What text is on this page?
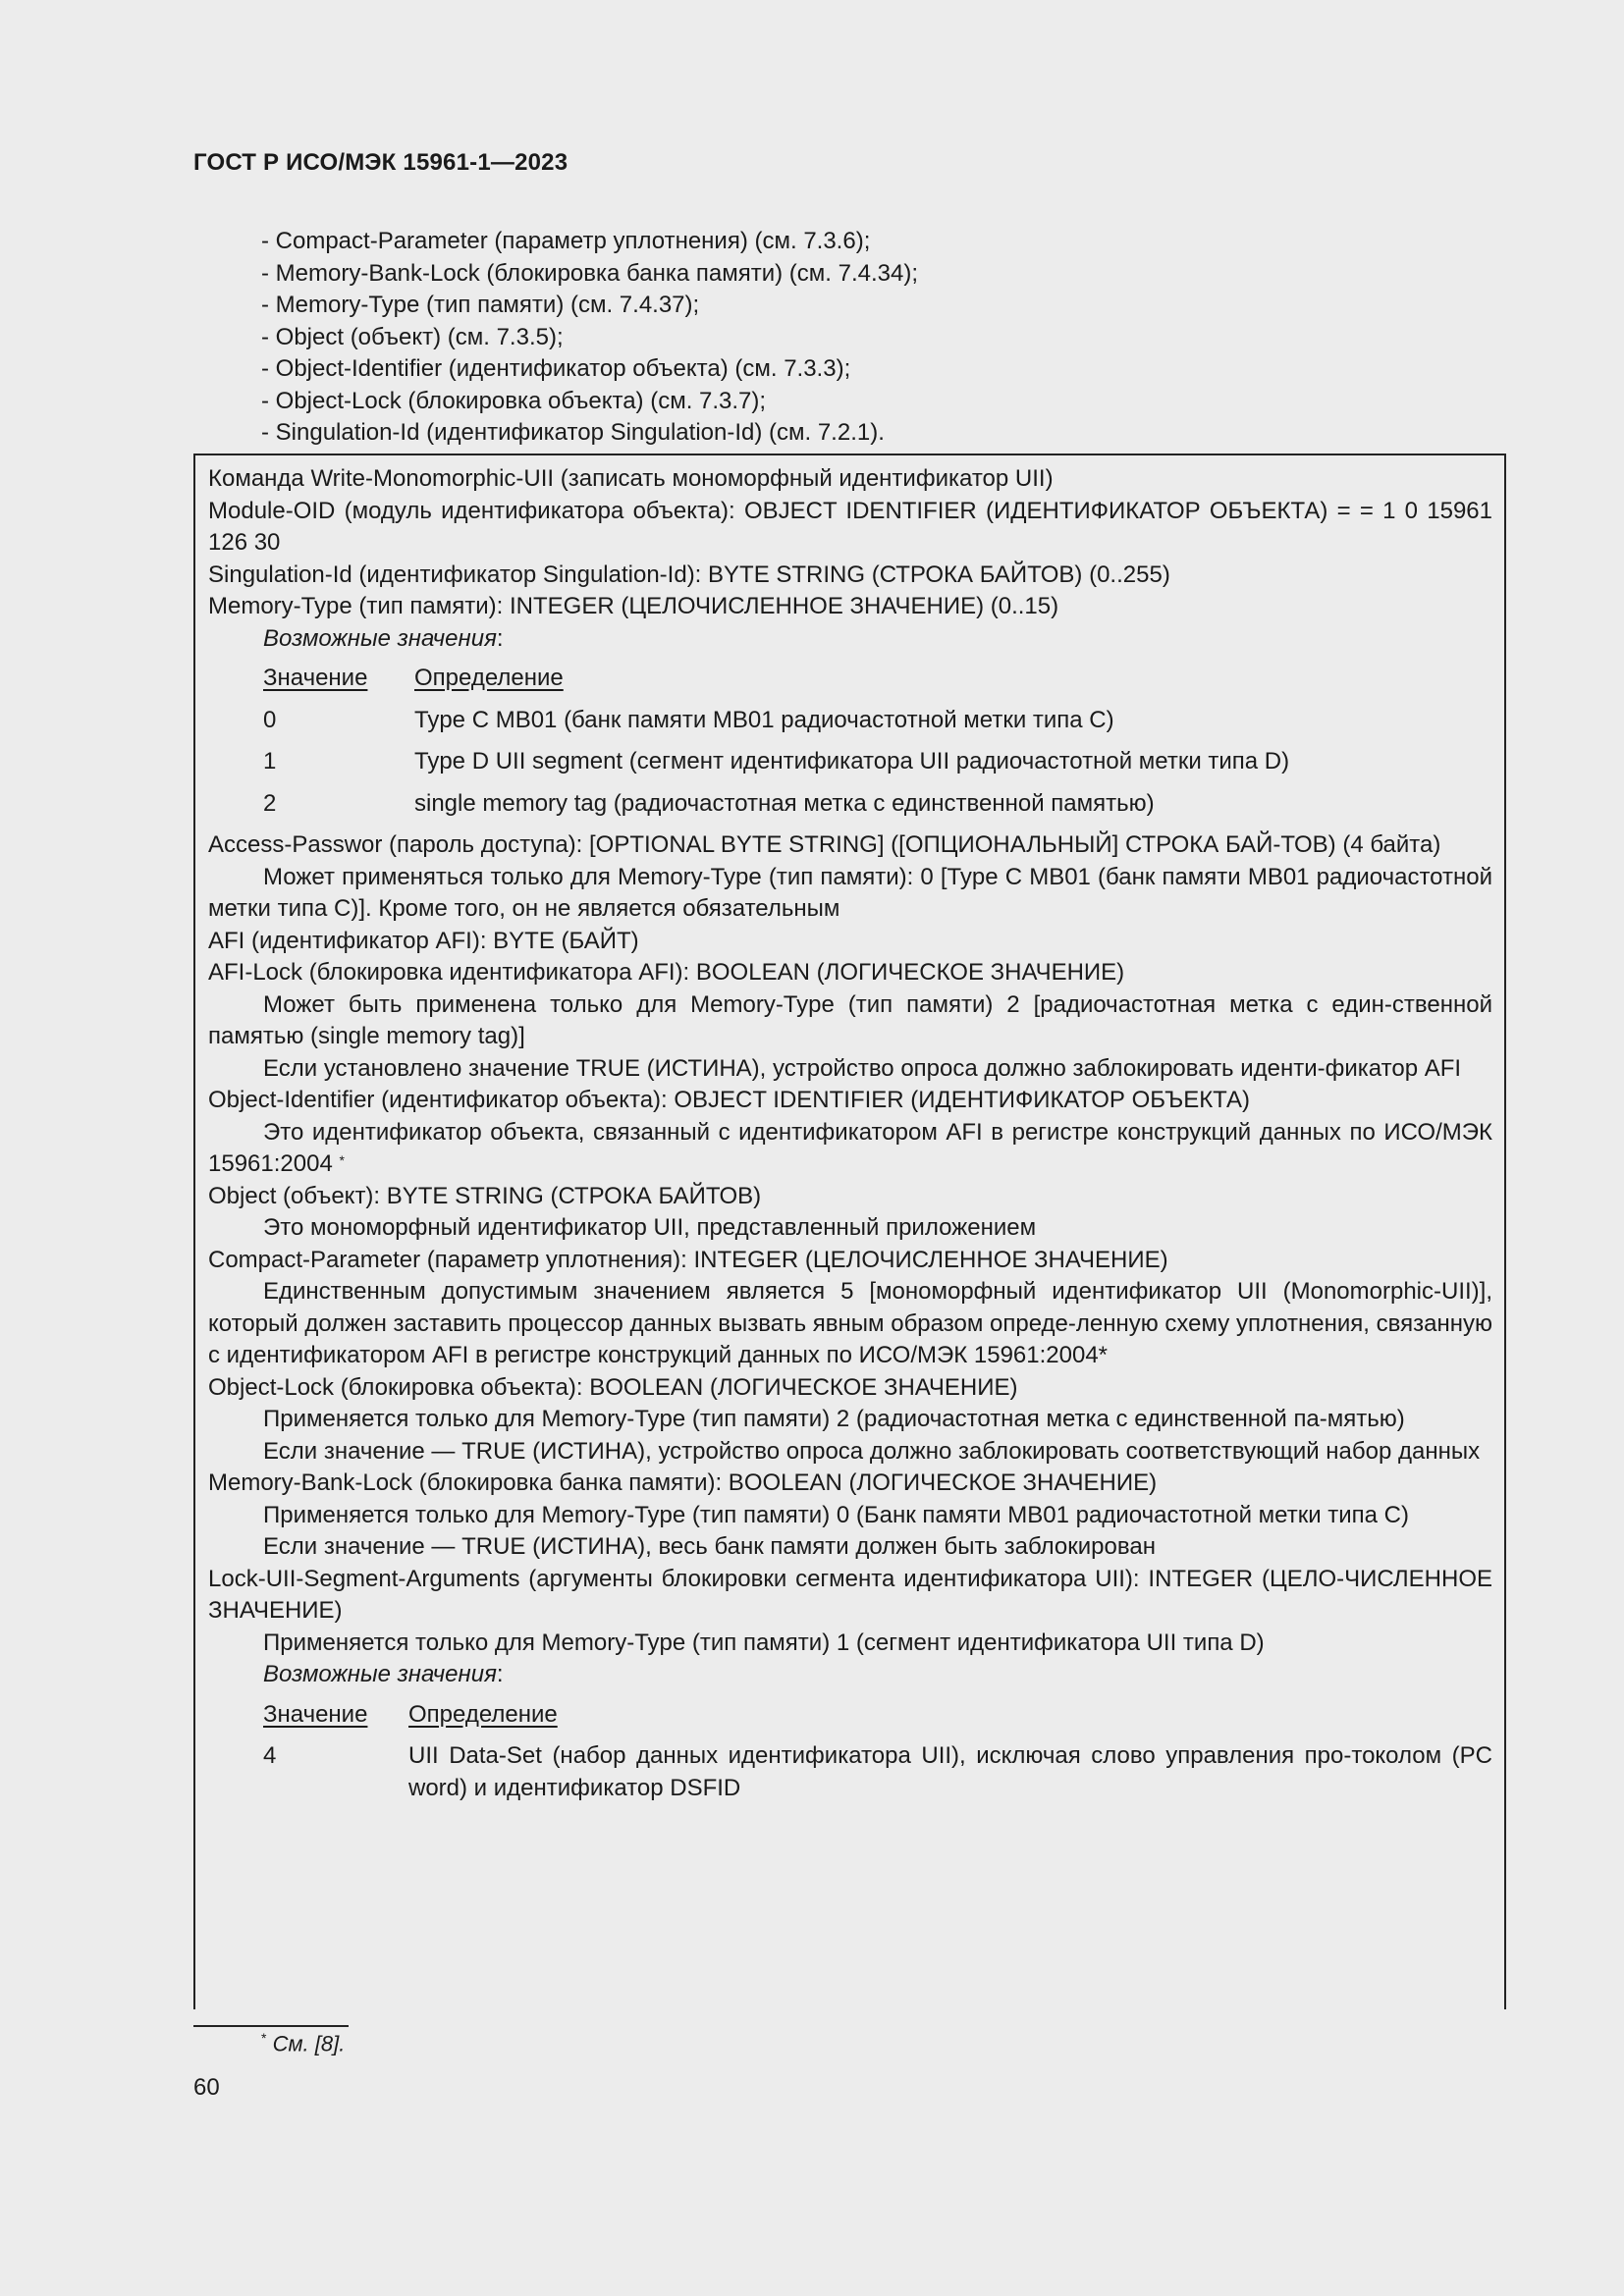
ГОСТ Р ИСО/МЭК 15961-1—2023
- Compact-Parameter (параметр уплотнения) (см. 7.3.6);
- Memory-Bank-Lock (блокировка банка памяти) (см. 7.4.34);
- Memory-Type (тип памяти) (см. 7.4.37);
- Object (объект) (см. 7.3.5);
- Object-Identifier (идентификатор объекта) (см. 7.3.3);
- Object-Lock (блокировка объекта) (см. 7.3.7);
- Singulation-Id (идентификатор Singulation-Id) (см. 7.2.1).

Команда Write-Monomorphic-UII (записать мономорфный идентификатор UII)

Module-OID (модуль идентификатора объекта): OBJECT IDENTIFIER (ИДЕНТИФИКАТОР ОБЪЕКТА) = = 1 0 15961 126 30

Singulation-Id (идентификатор Singulation-Id): BYTE STRING (СТРОКА БАЙТОВ) (0..255)

Memory-Type (тип памяти): INTEGER (ЦЕЛОЧИСЛЕННОЕ ЗНАЧЕНИЕ) (0..15)

Возможные значения:

Значение	Определение
0	Type C MB01 (банк памяти MB01 радиочастотной метки типа C)
1	Type D UII segment (сегмент идентификатора UII радиочастотной метки типа D)
2	single memory tag (радиочастотная метка с единственной памятью)

Access-Passwor (пароль доступа): [OPTIONAL BYTE STRING] ([ОПЦИОНАЛЬНЫЙ] СТРОКА БАЙ-ТОВ) (4 байта)

Может применяться только для Memory-Type (тип памяти): 0 [Type C MB01 (банк памяти MB01 радиочастотной метки типа C)]. Кроме того, он не является обязательным

AFI (идентификатор AFI): BYTE (БАЙТ)

AFI-Lock (блокировка идентификатора AFI): BOOLEAN (ЛОГИЧЕСКОЕ ЗНАЧЕНИЕ)

Может быть применена только для Memory-Type (тип памяти) 2 [радиочастотная метка с един-ственной памятью (single memory tag)]

Если установлено значение TRUE (ИСТИНА), устройство опроса должно заблокировать иденти-фикатор AFI

Object-Identifier (идентификатор объекта): OBJECT IDENTIFIER (ИДЕНТИФИКАТОР ОБЪЕКТА)

Это идентификатор объекта, связанный с идентификатором AFI в регистре конструкций данных по ИСО/МЭК 15961:2004 *

Object (объект): BYTE STRING (СТРОКА БАЙТОВ)

Это мономорфный идентификатор UII, представленный приложением

Compact-Parameter (параметр уплотнения): INTEGER (ЦЕЛОЧИСЛЕННОЕ ЗНАЧЕНИЕ)

Единственным допустимым значением является 5 [мономорфный идентификатор UII (Monomorphic-UII)], который должен заставить процессор данных вызвать явным образом опреде-ленную схему уплотнения, связанную с идентификатором AFI в регистре конструкций данных по ИСО/МЭК 15961:2004*

Object-Lock (блокировка объекта): BOOLEAN (ЛОГИЧЕСКОЕ ЗНАЧЕНИЕ)

Применяется только для Memory-Type (тип памяти) 2 (радиочастотная метка с единственной па-мятью)

Если значение — TRUE (ИСТИНА), устройство опроса должно заблокировать соответствующий набор данных

Memory-Bank-Lock (блокировка банка памяти): BOOLEAN (ЛОГИЧЕСКОЕ ЗНАЧЕНИЕ)

Применяется только для Memory-Type (тип памяти) 0 (Банк памяти MB01 радиочастотной метки типа C)

Если значение — TRUE (ИСТИНА), весь банк памяти должен быть заблокирован

Lock-UII-Segment-Arguments (аргументы блокировки сегмента идентификатора UII): INTEGER (ЦЕЛО-ЧИСЛЕННОЕ ЗНАЧЕНИЕ)

Применяется только для Memory-Type (тип памяти) 1 (сегмент идентификатора UII типа D)

Возможные значения:

Значение	Определение
4	UII Data-Set (набор данных идентификатора UII), исключая слово управления про-токолом (PC word) и идентификатор DSFID
* См. [8].
60
